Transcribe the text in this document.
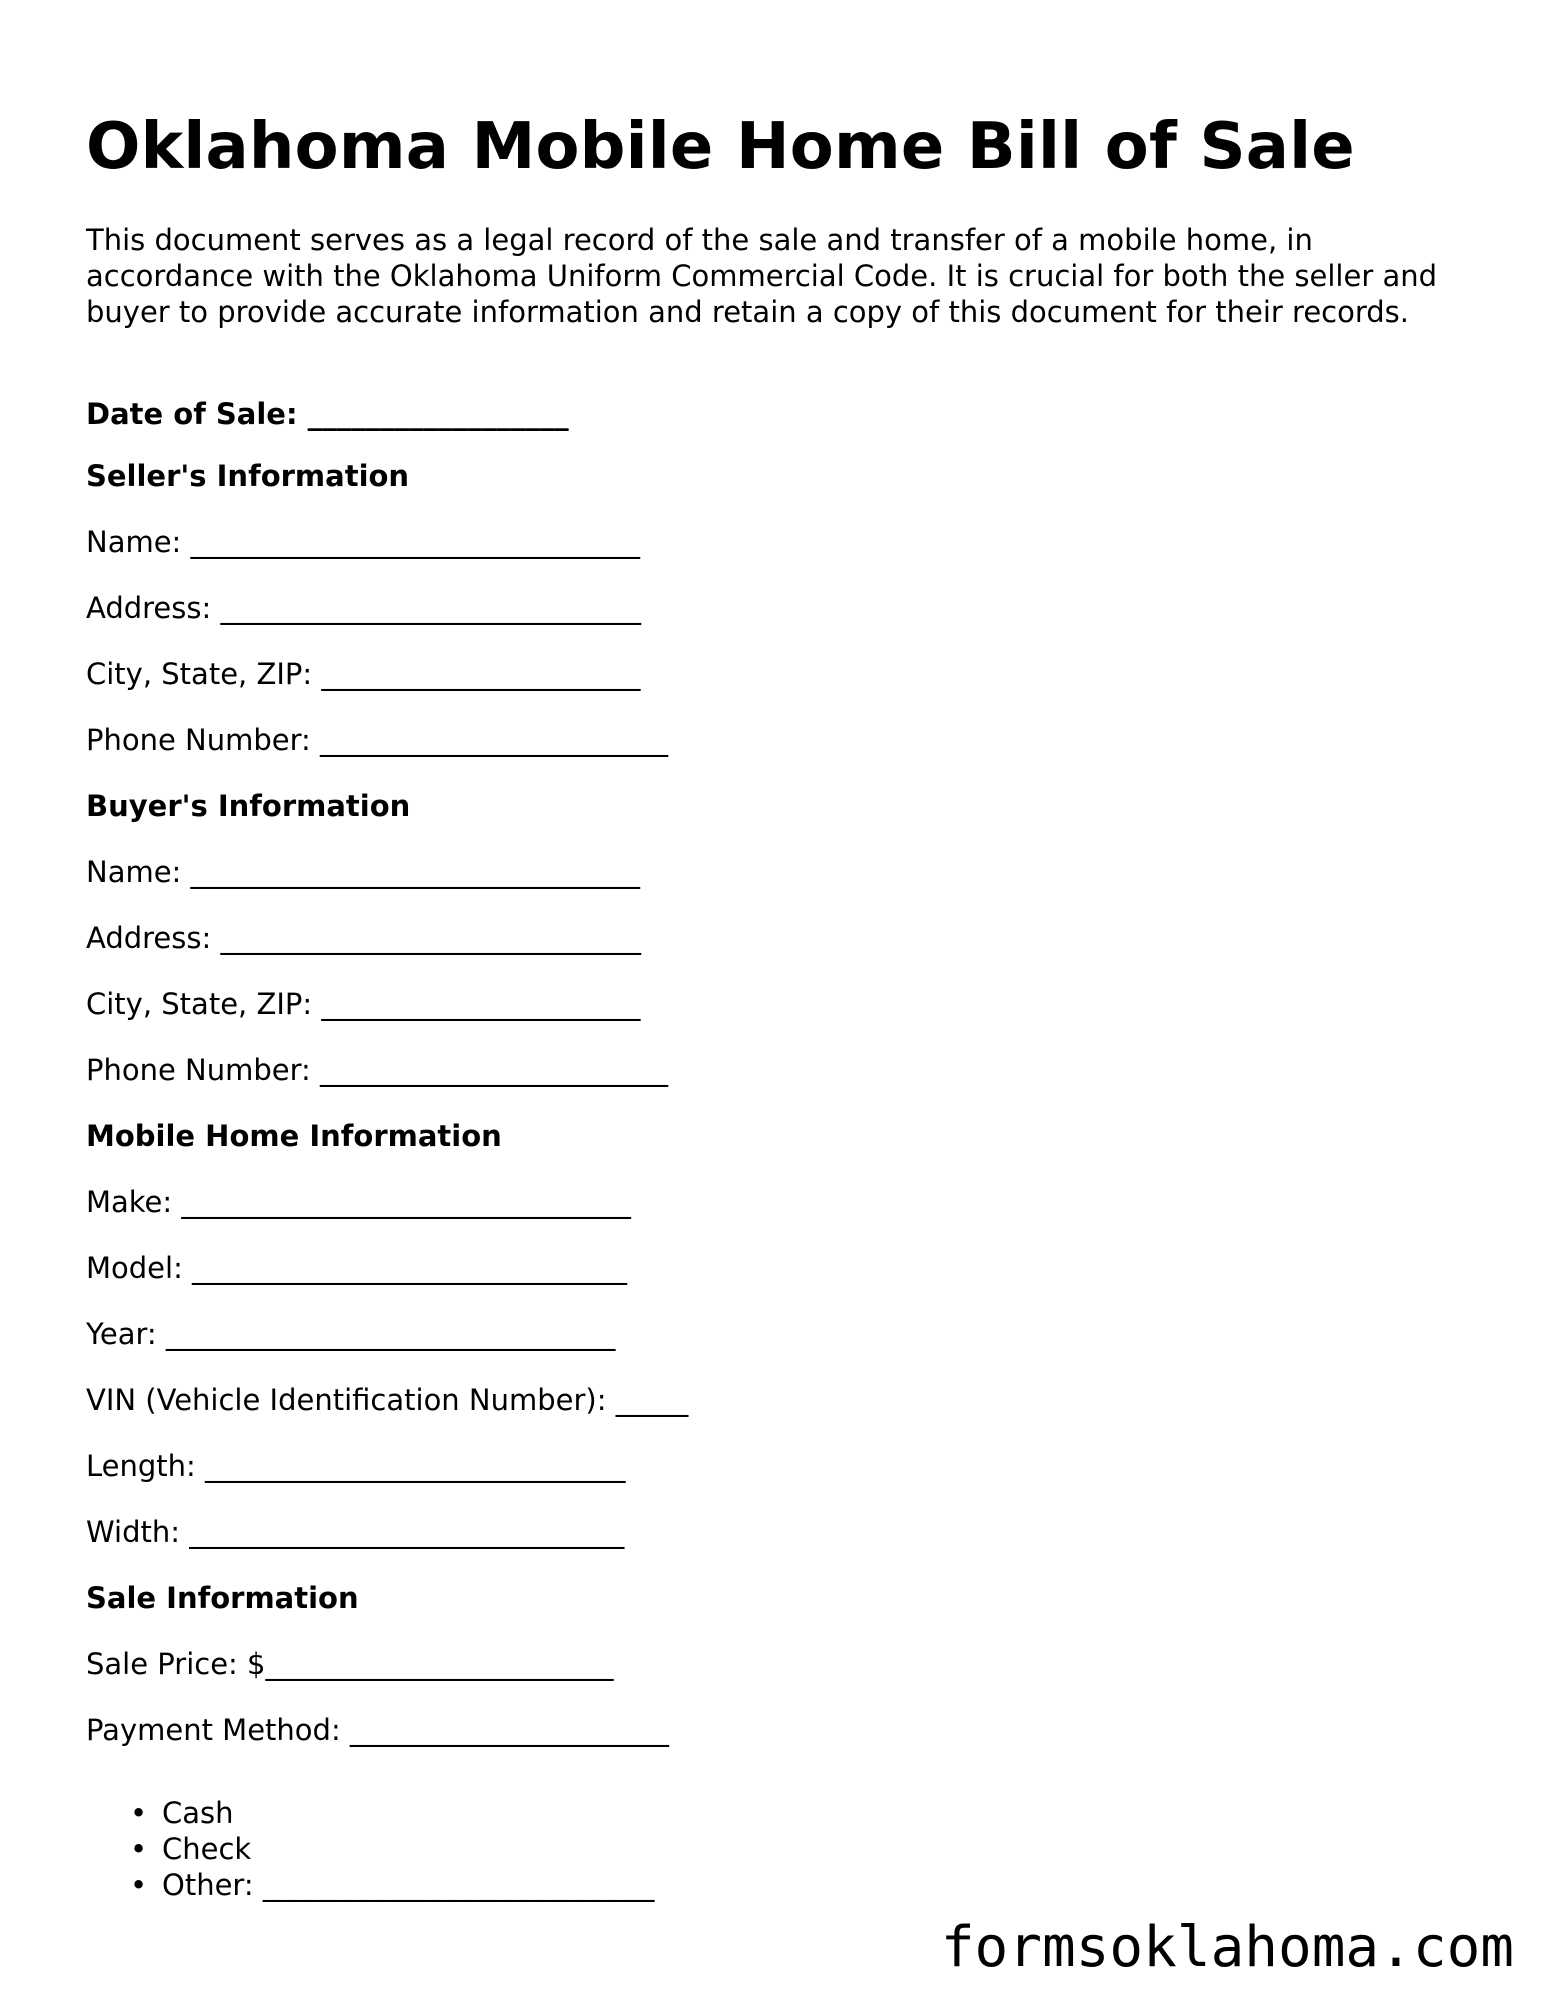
Oklahoma Mobile Home Bill of Sale

This document serves as a legal record of the sale and transfer of a mobile home, in accordance with the Oklahoma Uniform Commercial Code. It is crucial for both the seller and buyer to provide accurate information and retain a copy of this document for their records.

Date of Sale: __________________

Seller's Information

Name: _______________________________

Address: _____________________________

City, State, ZIP: ______________________

Phone Number: ________________________

Buyer's Information

Name: _______________________________

Address: _____________________________

City, State, ZIP: ______________________

Phone Number: ________________________

Mobile Home Information

Make: _______________________________

Model: ______________________________

Year: _______________________________

VIN (Vehicle Identification Number): _____

Length: _____________________________

Width: ______________________________

Sale Information

Sale Price: $________________________

Payment Method: ______________________

• Cash
• Check
• Other: ___________________________
formsoklahoma.com
